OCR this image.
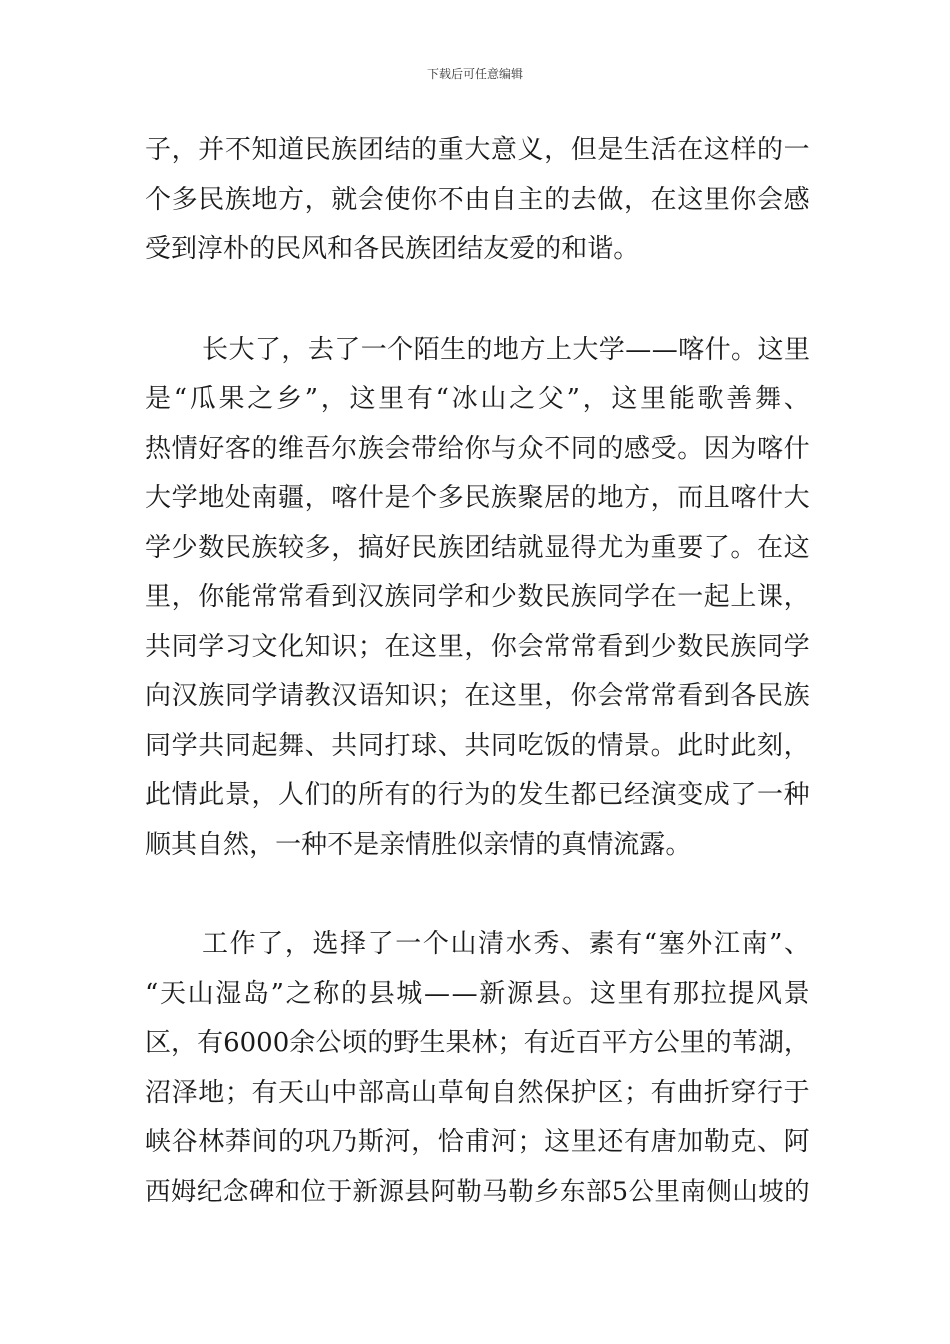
下载后可任意编辑
子 ， 并 不 知 道 民 族 团 结 的 重 大 意 义 ， 但 是 生 活 在 这 样 的 一
个 多 民 族 地 方 ， 就 会 使 你 不 由 自 主 的 去 做 ， 在 这 里 你 会 感
受 到 淳 朴 的 民 风 和 各 民 族 团 结 友 爱 的 和 谐 。
长 大 了 ， 去 了 一 个 陌 生 的 地 方 上 大 学 — — 喀 什 。 这 里
是 “ 瓜 果 之 乡 ” ， 这 里 有 “ 冰 山 之 父 ” ， 这 里 能 歌 善 舞 、
热 情 好 客 的 维 吾 尔 族 会 带 给 你 与 众 不 同 的 感 受 。 因 为 喀 什
大 学 地 处 南 疆 ， 喀 什 是 个 多 民 族 聚 居 的 地 方 ， 而 且 喀 什 大
学 少 数 民 族 较 多 ， 搞 好 民 族 团 结 就 显 得 尤 为 重 要 了 。 在 这
里 ， 你 能 常 常 看 到 汉 族 同 学 和 少 数 民 族 同 学 在 一 起 上 课 ，
共 同 学 习 文 化 知 识 ； 在 这 里 ， 你 会 常 常 看 到 少 数 民 族 同 学
向 汉 族 同 学 请 教 汉 语 知 识 ； 在 这 里 ， 你 会 常 常 看 到 各 民 族
同 学 共 同 起 舞 、 共 同 打 球 、 共 同 吃 饭 的 情 景 。 此 时 此 刻 ，
此 情 此 景 ， 人 们 的 所 有 的 行 为 的 发 生 都 已 经 演 变 成 了 一 种
顺 其 自 然 ， 一 种 不 是 亲 情 胜 似 亲 情 的 真 情 流 露 。
工 作 了 ， 选 择 了 一 个 山 清 水 秀 、 素 有 “ 塞 外 江 南 ” 、
“ 天 山 湿 岛 ” 之 称 的 县 城 — — 新 源 县 。 这 里 有 那 拉 提 风 景
区 ， 有 6000 余 公 顷 的 野 生 果 林 ； 有 近 百 平 方 公 里 的 苇 湖 ，
沼 泽 地 ； 有 天 山 中 部 高 山 草 甸 自 然 保 护 区 ； 有 曲 折 穿 行 于
峡 谷 林 莽 间 的 巩 乃 斯 河 ， 恰 甫 河 ； 这 里 还 有 唐 加 勒 克 、 阿
西 姆 纪 念 碑 和 位 于 新 源 县 阿 勒 马 勒 乡 东 部 5 公 里 南 侧 山 坡 的
